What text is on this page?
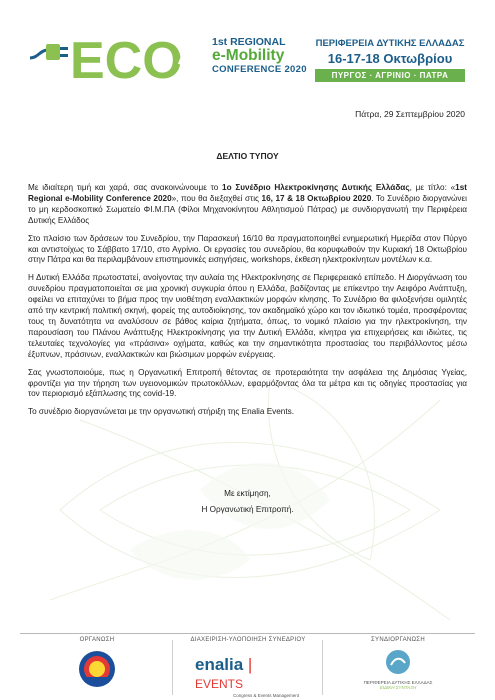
ECO	1st REGIONAL
e-Mobility
CONFERENCE 2020
ΠΕΡΙΦΕΡΕΙΑ ΔΥΤΙΚΗΣ ΕΛΛΑΔΑΣ
16-17-18 Οκτωβρίου
ΠΥΡΓΟΣ · ΑΓΡΙΝΙΟ · ΠΑΤΡΑ
Πάτρα, 29 Σεπτεμβρίου 2020
ΔΕΛΤΙΟ ΤΥΠΟΥ

Με ιδιαίτερη τιμή και χαρά, σας ανακοινώνουμε το 1ο Συνέδριο Ηλεκτροκίνησης Δυτικής Ελλάδας, με τίτλο: «1st Regional e-Mobility Conference 2020», που θα διεξαχθεί στις 16, 17 & 18 Οκτωβρίου 2020. Το Συνέδριο διοργανώνει το μη κερδοσκοπικό Σωματείο ΦΙ.Μ.ΠΑ (Φίλοι Μηχανοκίνητου Αθλητισμού Πάτρας) με συνδιοργανωτή την Περιφέρεια Δυτικής Ελλάδος

Στο πλαίσιο των δράσεων του Συνεδρίου, την Παρασκευή 16/10 θα πραγματοποιηθεί ενημερωτική Ημερίδα στον Πύργο και αντιστοίχως το Σάββατο 17/10, στο Αγρίνιο. Οι εργασίες του συνεδρίου, θα κορυφωθούν την Κυριακή 18 Οκτωβρίου στην Πάτρα και θα περιλαμβάνουν επιστημονικές εισηγήσεις, workshops, έκθεση ηλεκτροκίνητων μοντέλων κ.α.

Η Δυτική Ελλάδα πρωτοστατεί, ανοίγοντας την αυλαία της Ηλεκτροκίνησης σε Περιφερειακό επίπεδο. Η Διοργάνωση του συνεδρίου πραγματοποιείται σε μια χρονική συγκυρία όπου η Ελλάδα, βαδίζοντας με επίκεντρο την Αειφόρο Ανάπτυξη, οφείλει να επιταχύνει το βήμα προς την υιοθέτηση εναλλακτικών μορφών κίνησης. Το Συνέδριο θα φιλοξενήσει ομιλητές από την κεντρική πολιτική σκηνή, φορείς της αυτοδιοίκησης, τον ακαδημαϊκό χώρο και τον ιδιωτικό τομέα, προσφέροντας τους τη δυνατότητα να αναλύσουν σε βάθος καίρια ζητήματα, όπως, το νομικό πλαίσιο για την ηλεκτροκίνηση, την παρουσίαση του Πλάνου Ανάπτυξης Ηλεκτροκίνησης για την Δυτική Ελλάδα, κίνητρα για επιχειρήσεις και ιδιώτες, τις τελευταίες τεχνολογίες για «πράσινα» οχήματα, καθώς και την σημαντικότητα προστασίας του περιβάλλοντος μέσω έξυπνων, πράσινων, εναλλακτικών και βιώσιμων μορφών ενέργειας.

Σας γνωστοποιούμε, πως η Οργανωτική Επιτροπή θέτοντας σε προτεραιότητα την ασφάλεια της Δημόσιας Υγείας, φροντίζει για την τήρηση των υγειονομικών πρωτοκόλλων, εφαρμόζοντας όλα τα μέτρα και τις οδηγίες προστασίας για τον περιορισμό εξάπλωσης της covid-19.

Το συνέδριο διοργανώνεται με την οργανωτική στήριξη της Enalia Events.

Με εκτίμηση,
Η Οργανωτική Επιτροπή.
ΟΡΓΑΝΩΣΗ	ΔΙΑΧΕΙΡΙΣΗ-ΥΛΟΠΟΙΗΣΗ ΣΥΝΕΔΡΙΟΥ
enalia | EVENTS
Congress & Events Management
ΣΥΝΔΙΟΡΓΑΝΩΣΗ
ΠΕΡΙΦΕΡΕΙΑ ΔΥΤΙΚΗΣ ΕΛΛΑΔΑΣ
ΕΙΔΙΚΗ ΣΥΝΤΑΞΗ
